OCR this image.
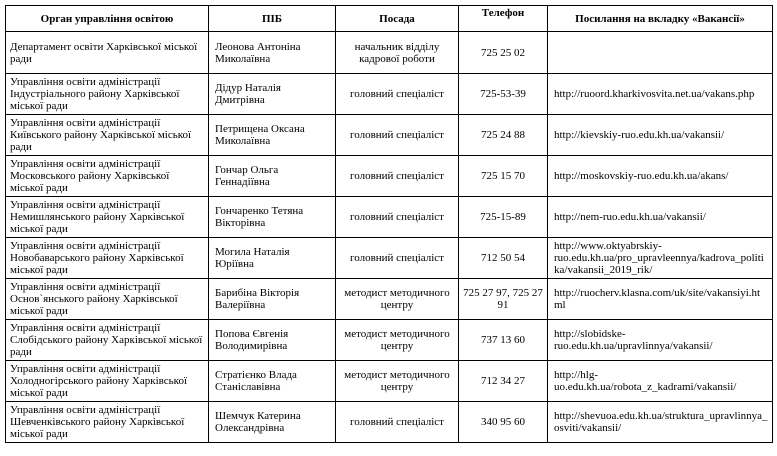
Орган управління освітою	ПІБ	Посада	Телефон	Посилання на вкладку «Вакансії»
Департамент освіти Харківської міської ради	Леонова Антоніна Миколаївна	начальник відділу кадрової роботи	725 25 02	
Управління освіти адміністрації Індустріального району Харківської міської ради	Дідур Наталія Дмитрівна	головний спеціаліст	725-53-39	http://ruoord.kharkivosvita.net.ua/vakans.php
Управління освіти адміністрації Київського району Харківської міської ради	Петрищена Оксана Миколаївна	головний спеціаліст	725 24 88	http://kievskiy-ruo.edu.kh.ua/vakansii/
Управління освіти адміністрації Московського району Харківської міської ради	Гончар Ольга Геннадіївна	головний спеціаліст	725 15 70	http://moskovskiy-ruo.edu.kh.ua/akans/
Управління освіти адміністрації Немишлянського району Харківської міської ради	Гончаренко Тетяна Вікторівна	головний спеціаліст	725-15-89	http://nem-ruo.edu.kh.ua/vakansii/
Управління освіти адміністрації Новобаварського району Харківської міської ради	Могила Наталія Юріївна	головний спеціаліст	712 50 54	http://www.oktyabrskiy-ruo.edu.kh.ua/pro_upravleennya/kadrova_politika/vakansii_2019_rik/
Управління освіти адміністрації Основ`янського району Харківської міської ради	Барибіна Вікторія Валеріївна	методист методичного центру	725 27 97, 725 27 91	http://ruocherv.klasna.com/uk/site/vakansiyi.html
Управління освіти адміністрації Слобідського району Харківської міської ради	Попова Євгенія Володимирівна	методист методичного центру	737 13 60	http://slobidske-ruo.edu.kh.ua/upravlinnya/vakansii/
Управління освіти адміністрації Холодногірського району Харківської міської ради	Стратієнко Влада Станіславівна	методист методичного центру	712 34 27	http://hlg-uo.edu.kh.ua/robota_z_kadrami/vakansii/
Управління освіти адміністрації Шевченківського району Харківської міської ради	Шемчук Катерина Олександрівна	головний спеціаліст	340 95 60	http://shevuoa.edu.kh.ua/struktura_upravlinnya_osviti/vakansii/
